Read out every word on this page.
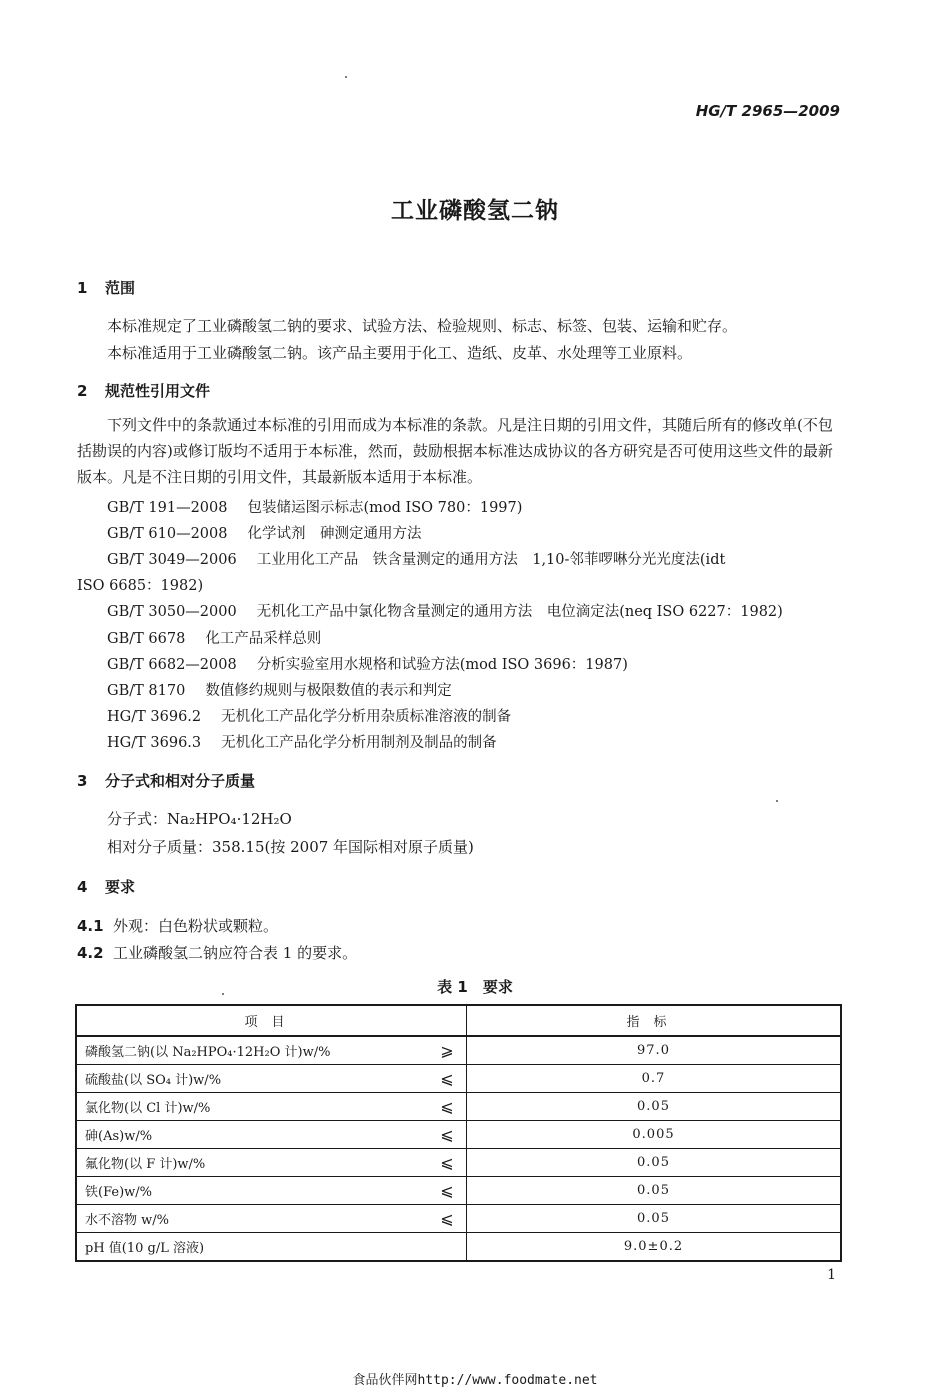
HG/T 2965—2009
工业磷酸氢二钠
1 范围
本标准规定了工业磷酸氢二钠的要求、试验方法、检验规则、标志、标签、包装、运输和贮存。
本标准适用于工业磷酸氢二钠。该产品主要用于化工、造纸、皮革、水处理等工业原料。
2 规范性引用文件
下列文件中的条款通过本标准的引用而成为本标准的条款。凡是注日期的引用文件，其随后所有的修改单(不包括勘误的内容)或修订版均不适用于本标准，然而，鼓励根据本标准达成协议的各方研究是否可使用这些文件的最新版本。凡是不注日期的引用文件，其最新版本适用于本标准。
GB/T 191—2008 包装储运图示标志(mod ISO 780：1997)
GB/T 610—2008 化学试剂　砷测定通用方法
GB/T 3049—2006 工业用化工产品　铁含量测定的通用方法　1,10-邻菲啰啉分光光度法(idt
ISO 6685：1982)
GB/T 3050—2000 无机化工产品中氯化物含量测定的通用方法　电位滴定法(neq ISO 6227：1982)
GB/T 6678 化工产品采样总则
GB/T 6682—2008 分析实验室用水规格和试验方法(mod ISO 3696：1987)
GB/T 8170 数值修约规则与极限数值的表示和判定
HG/T 3696.2 无机化工产品化学分析用杂质标准溶液的制备
HG/T 3696.3 无机化工产品化学分析用制剂及制品的制备
3 分子式和相对分子质量
分子式：Na₂HPO₄·12H₂O
相对分子质量：358.15(按 2007 年国际相对原子质量)
4 要求
4.1 外观：白色粉状或颗粒。
4.2 工业磷酸氢二钠应符合表 1 的要求。
表 1　要求
项目		指标
磷酸氢二钠(以 Na₂HPO₄·12H₂O 计)w/%	⩾	97.0
硫酸盐(以 SO₄ 计)w/%	⩽	0.7
氯化物(以 Cl 计)w/%	⩽	0.05
砷(As)w/%	⩽	0.005
氟化物(以 F 计)w/%	⩽	0.05
铁(Fe)w/%	⩽	0.05
水不溶物 w/%	⩽	0.05
pH 值(10 g/L 溶液)		9.0±0.2
1
食品伙伴网http://www.foodmate.net
